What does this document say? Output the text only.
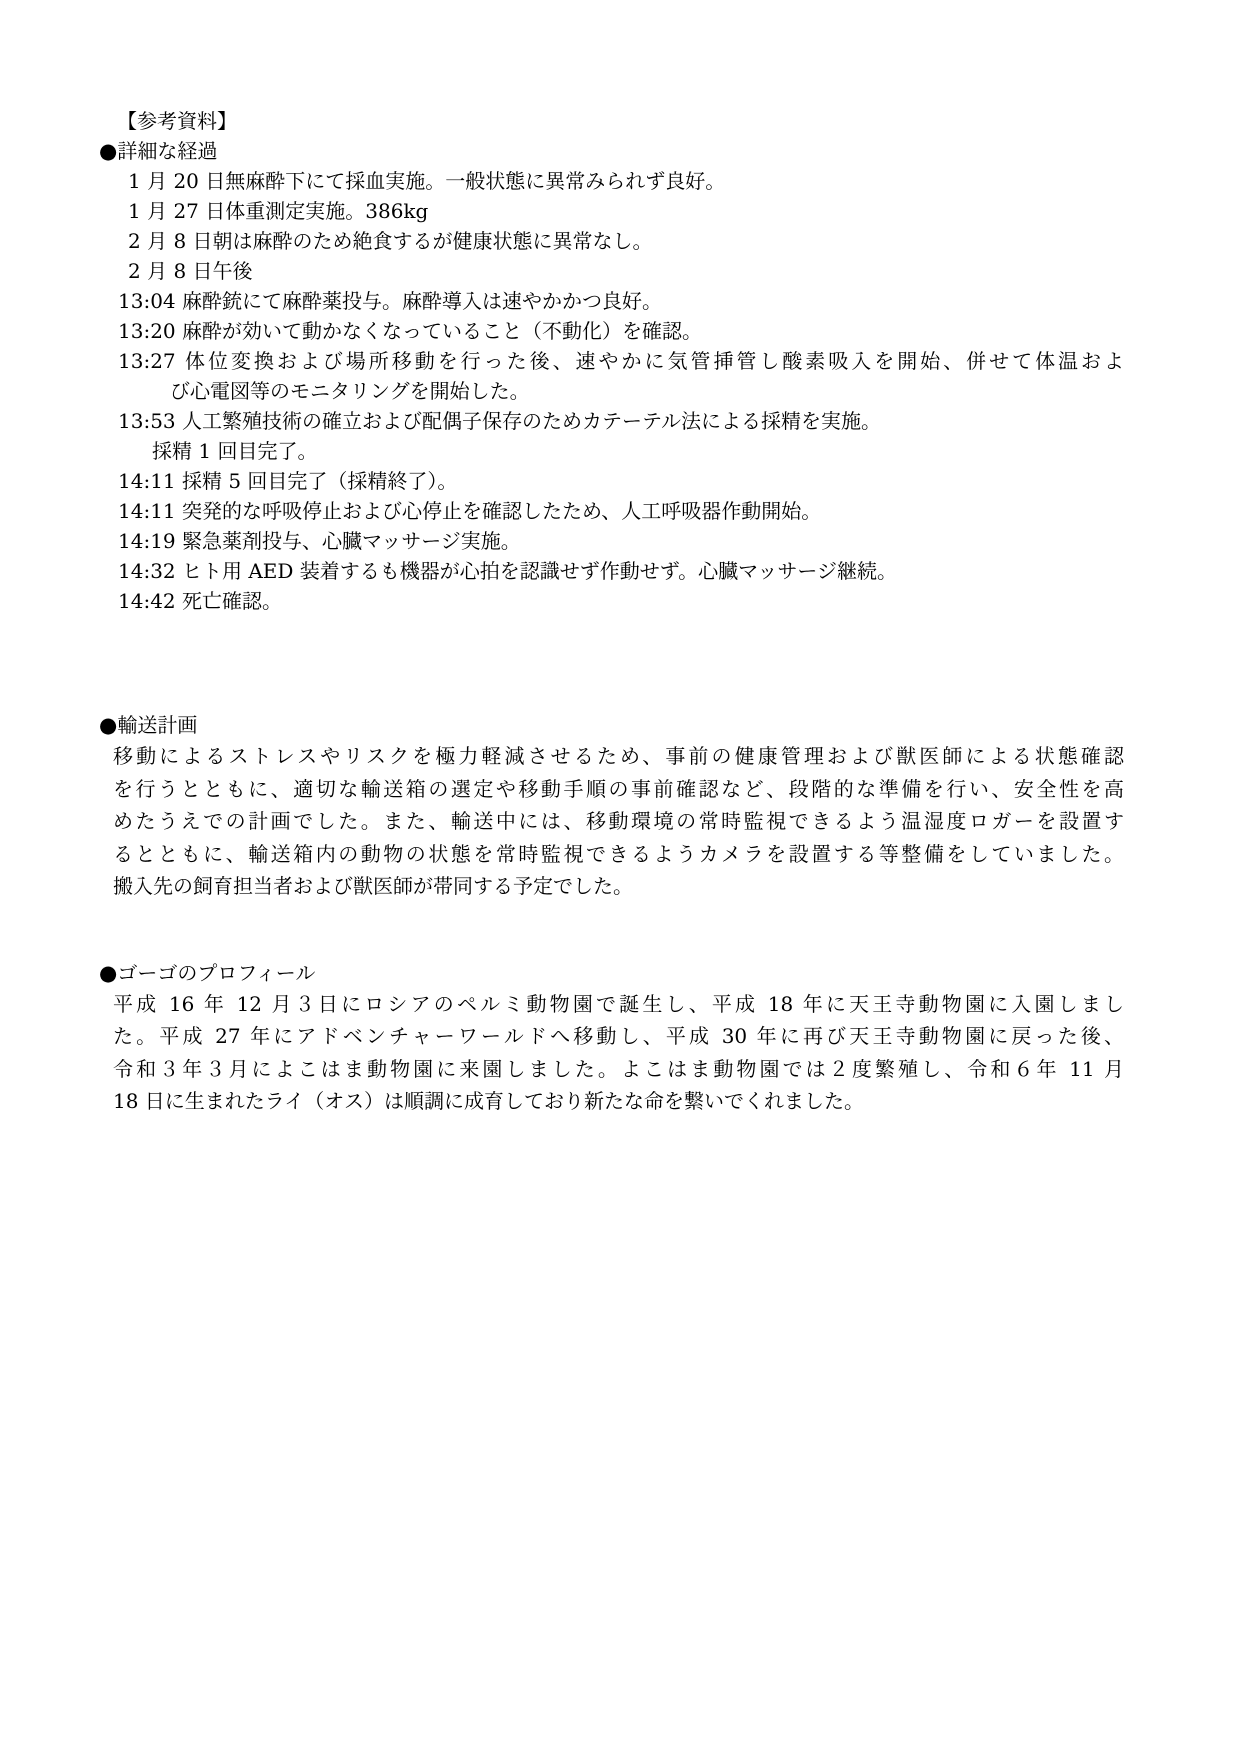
【参考資料】
●詳細な経過
1 月 20 日無麻酔下にて採血実施。一般状態に異常みられず良好。
1 月 27 日体重測定実施。386kg
2 月 8 日朝は麻酔のため絶食するが健康状態に異常なし。
2 月 8 日午後
13:04 麻酔銃にて麻酔薬投与。麻酔導入は速やかかつ良好。
13:20 麻酔が効いて動かなくなっていること（不動化）を確認。
13:27 体位変換および場所移動を行った後、速やかに気管挿管し酸素吸入を開始、併せて体温およ
び心電図等のモニタリングを開始した。
13:53 人工繁殖技術の確立および配偶子保存のためカテーテル法による採精を実施。
採精 1 回目完了。
14:11 採精 5 回目完了（採精終了）。
14:11 突発的な呼吸停止および心停止を確認したため、人工呼吸器作動開始。
14:19 緊急薬剤投与、心臓マッサージ実施。
14:32 ヒト用 AED 装着するも機器が心拍を認識せず作動せず。心臓マッサージ継続。
14:42 死亡確認。
●輸送計画
移動によるストレスやリスクを極力軽減させるため、事前の健康管理および獣医師による状態確認
を行うとともに、適切な輸送箱の選定や移動手順の事前確認など、段階的な準備を行い、安全性を高
めたうえでの計画でした。また、輸送中には、移動環境の常時監視できるよう温湿度ロガーを設置す
るとともに、輸送箱内の動物の状態を常時監視できるようカメラを設置する等整備をしていました。
搬入先の飼育担当者および獣医師が帯同する予定でした。
●ゴーゴのプロフィール
平成 16 年 12 月３日にロシアのペルミ動物園で誕生し、平成 18 年に天王寺動物園に入園しまし
た。平成 27 年にアドベンチャーワールドへ移動し、平成 30 年に再び天王寺動物園に戻った後、
令和３年３月によこはま動物園に来園しました。よこはま動物園では２度繁殖し、令和６年 11 月
18 日に生まれたライ（オス）は順調に成育しており新たな命を繋いでくれました。
